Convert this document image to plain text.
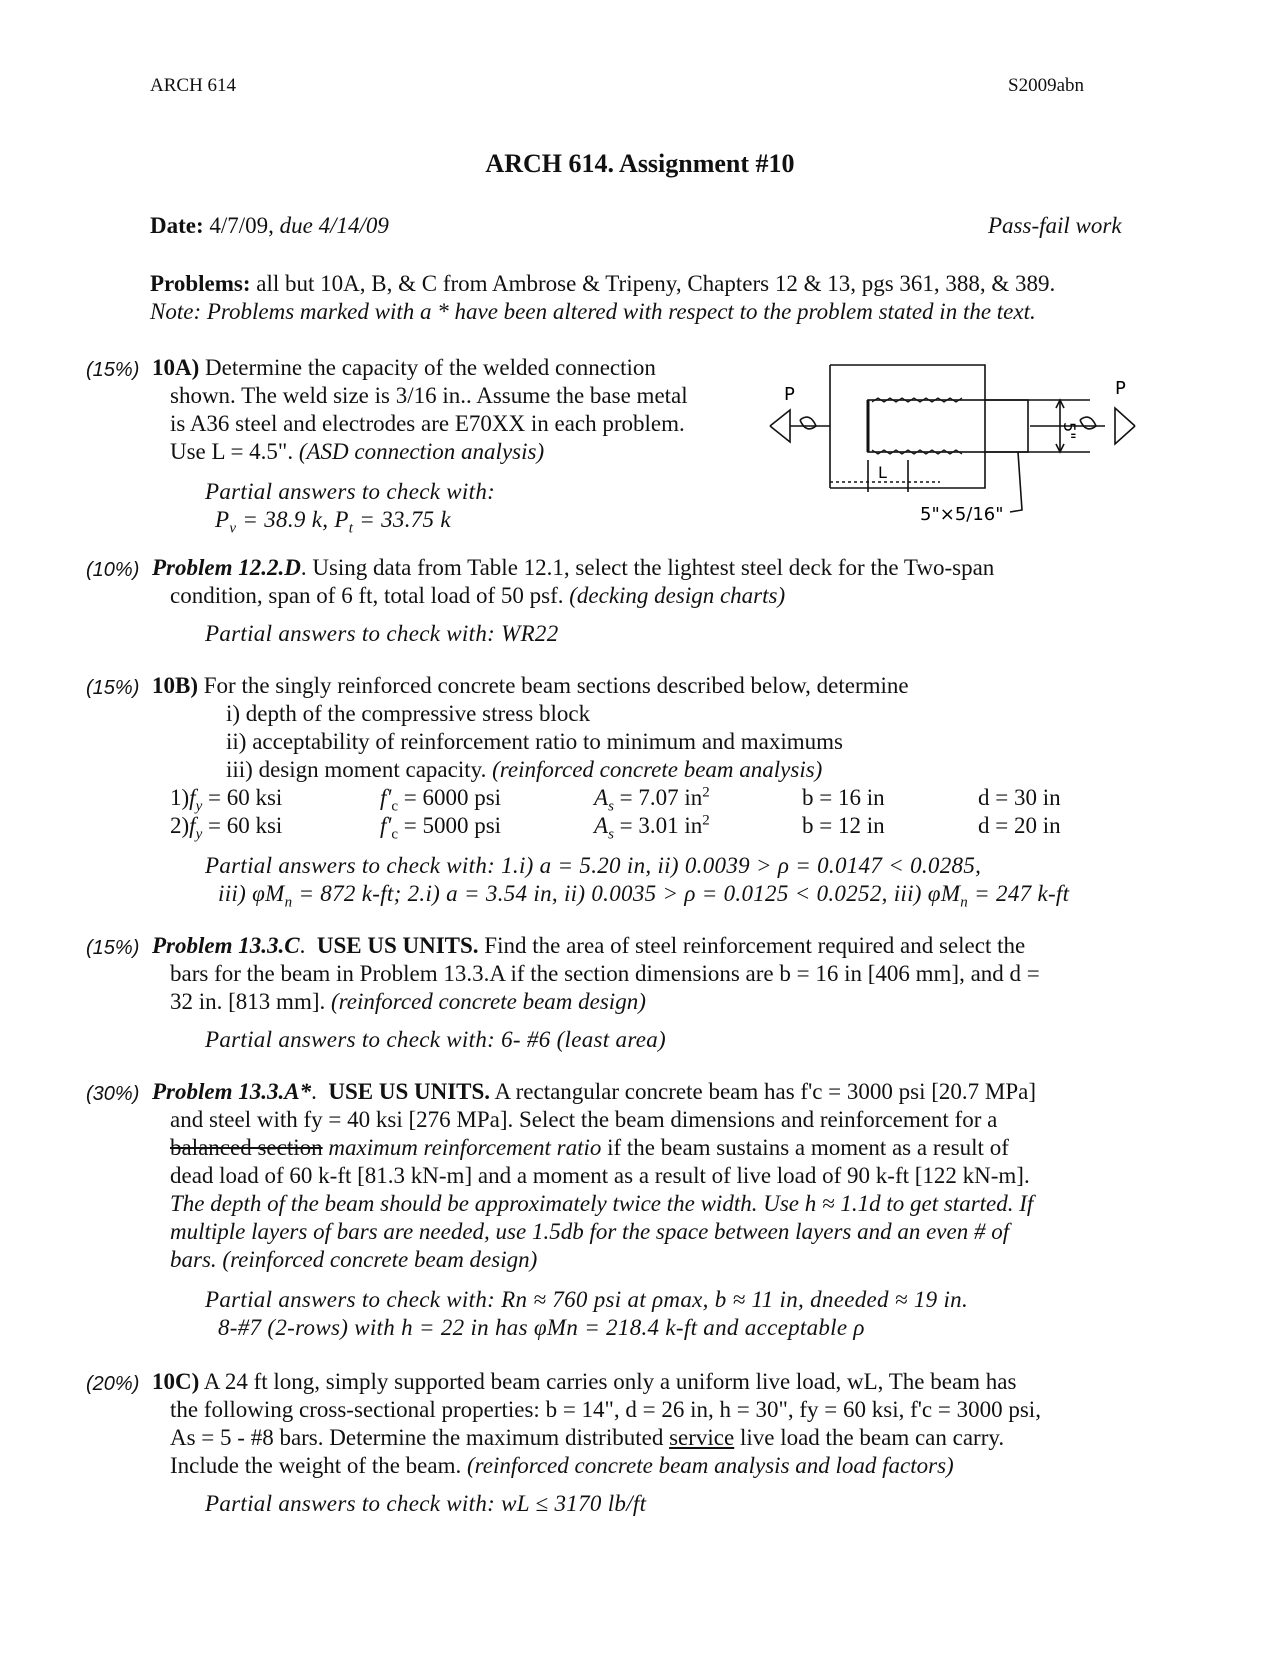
ARCH 614	S2009abn
ARCH 614. Assignment #10
Date: 4/7/09, due 4/14/09	Pass-fail work
Problems: all but 10A, B, & C from Ambrose & Tripeny, Chapters 12 & 13, pgs 361, 388, & 389.
Note: Problems marked with a * have been altered with respect to the problem stated in the text.
(15%) 10A) Determine the capacity of the welded connection
shown. The weld size is 3/16 in.. Assume the base metal
is A36 steel and electrodes are E70XX in each problem.
Use L = 4.5". (ASD connection analysis)
Partial answers to check with:
$P_v = 38.9$ k, $P_t = 33.75$ k
P	P
5"
L
5"×5/16"
(10%) Problem 12.2.D. Using data from Table 12.1, select the lightest steel deck for the Two-span
condition, span of 6 ft, total load of 50 psf. (decking design charts)
Partial answers to check with: WR22
(15%) 10B) For the singly reinforced concrete beam sections described below, determine
i) depth of the compressive stress block
ii) acceptability of reinforcement ratio to minimum and maximums
iii) design moment capacity. (reinforced concrete beam analysis)
$1)f_y = 60$ ksi	$f'_c = 6000$ psi	$A_s = 7.07$ $in^2$	b = 16 in	d = 30 in
$2)f_y = 60$ ksi	$f'_c = 5000$ psi	$A_s = 3.01$ $in^2$	b = 12 in	d = 20 in
Partial answers to check with: 1.i) a = 5.20 in, ii) 0.0039 > ρ = 0.0147 < 0.0285,
iii) $\varphi M_n = 872$ k-ft; 2.i) a = 3.54 in, ii) 0.0035 > ρ = 0.0125 < 0.0252, iii) $\varphi M_n = 247$ k-ft
(15%) Problem 13.3.C.  USE US UNITS. Find the area of steel reinforcement required and select the
bars for the beam in Problem 13.3.A if the section dimensions are b = 16 in [406 mm], and d =
32 in. [813 mm]. (reinforced concrete beam design)
Partial answers to check with: 6- #6 (least area)
(30%) Problem 13.3.A*.  USE US UNITS. A rectangular concrete beam has f'c = 3000 psi [20.7 MPa]
and steel with fy = 40 ksi [276 MPa]. Select the beam dimensions and reinforcement for a
balanced section maximum reinforcement ratio if the beam sustains a moment as a result of
dead load of 60 k-ft [81.3 kN-m] and a moment as a result of live load of 90 k-ft [122 kN-m].
The depth of the beam should be approximately twice the width. Use h ≈ 1.1d to get started. If
multiple layers of bars are needed, use 1.5db for the space between layers and an even # of
bars. (reinforced concrete beam design)
Partial answers to check with: Rn ≈ 760 psi at ρmax, b ≈ 11 in, dneeded ≈ 19 in.
8-#7 (2-rows) with h = 22 in has φMn = 218.4 k-ft and acceptable ρ
(20%) 10C) A 24 ft long, simply supported beam carries only a uniform live load, wL, The beam has
the following cross-sectional properties: b = 14", d = 26 in, h = 30", fy = 60 ksi, f'c = 3000 psi,
As = 5 - #8 bars. Determine the maximum distributed service live load the beam can carry.
Include the weight of the beam. (reinforced concrete beam analysis and load factors)
Partial answers to check with: wL ≤ 3170 lb/ft
